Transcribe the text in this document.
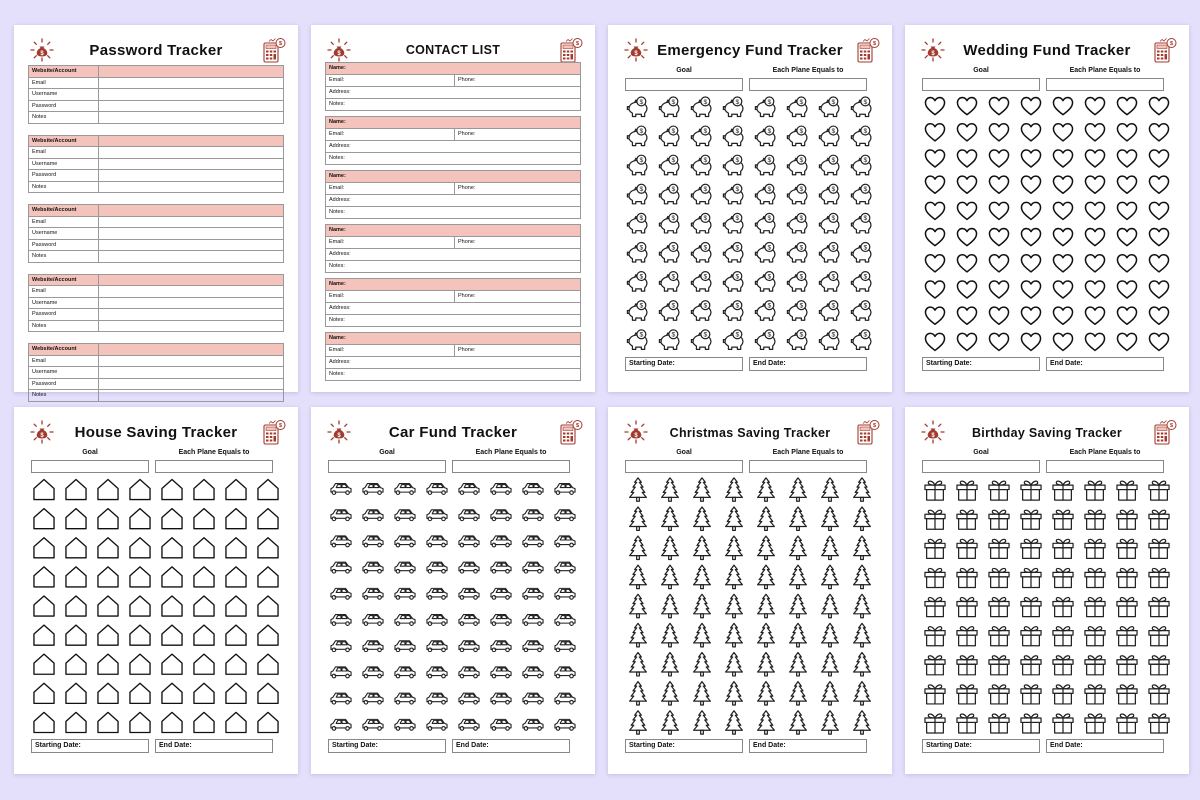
$
$
Password Tracker
Website/Account
Email
Username
Password
Notes
Website/Account
Email
Username
Password
Notes
Website/Account
Email
Username
Password
Notes
Website/Account
Email
Username
Password
Notes
Website/Account
Email
Username
Password
Notes
$
$
CONTACT LIST
Name:
Email:	Phone:
Address:
Notes:
Name:
Email:	Phone:
Address:
Notes:
Name:
Email:	Phone:
Address:
Notes:
Name:
Email:	Phone:
Address:
Notes:
Name:
Email:	Phone:
Address:
Notes:
Name:
Email:	Phone:
Address:
Notes:
$
$
Emergency Fund Tracker
Goal	Each Plane Equals to
$	$	$	$	$	$	$	$
$	$	$	$	$	$	$	$
$	$	$	$	$	$	$	$
$	$	$	$	$	$	$	$
$	$	$	$	$	$	$	$
$	$	$	$	$	$	$	$
$	$	$	$	$	$	$	$
$	$	$	$	$	$	$	$
$	$	$	$	$	$	$	$
Starting Date:	End Date:
$
$
Wedding Fund Tracker
Goal	Each Plane Equals to
Starting Date:	End Date:
$
$
House Saving Tracker
Goal	Each Plane Equals to
Starting Date:	End Date:
$
$
Car Fund Tracker
Goal	Each Plane Equals to
Starting Date:	End Date:
$
$
Christmas Saving Tracker
Goal	Each Plane Equals to
Starting Date:	End Date:
$
$
Birthday Saving Tracker
Goal	Each Plane Equals to
Starting Date:	End Date:
